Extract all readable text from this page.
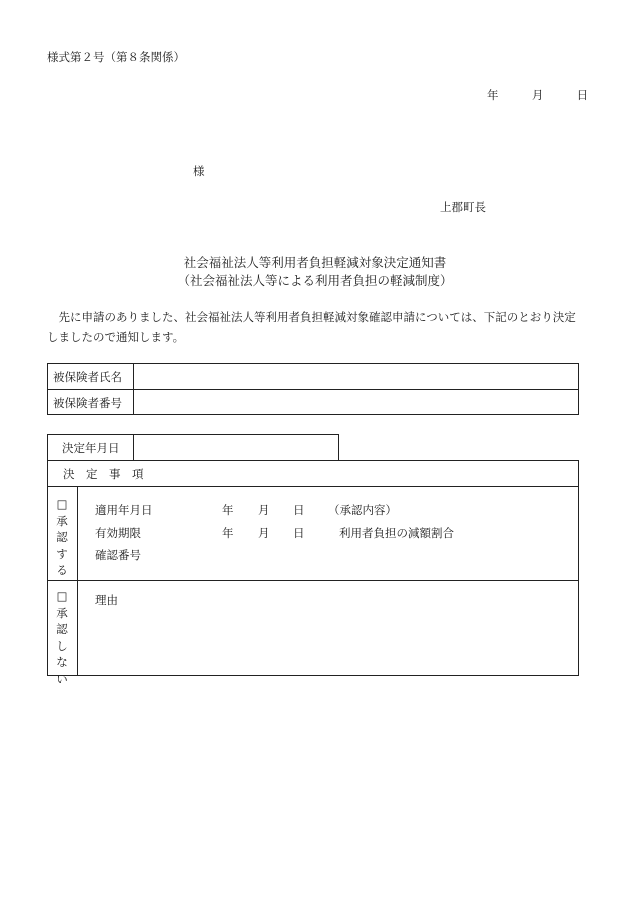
様式第２号（第８条関係）
年	月	日
様
上郡町長
社会福祉法人等利用者負担軽減対象決定通知書
（社会福祉法人等による利用者負担の軽減制度）
　先に申請のありました、社会福祉法人等利用者負担軽減対象確認申請については、下記のとおり決定しましたので通知します。
被保険者氏名
被保険者番号
決定年月日
決　定　事　項
□
承
認
す
る
適用年月日	年 月 日 （承認内容）
有効期限	年 月 日	利用者負担の減額割合
確認番号
□
承
認
し
な
い
理由
